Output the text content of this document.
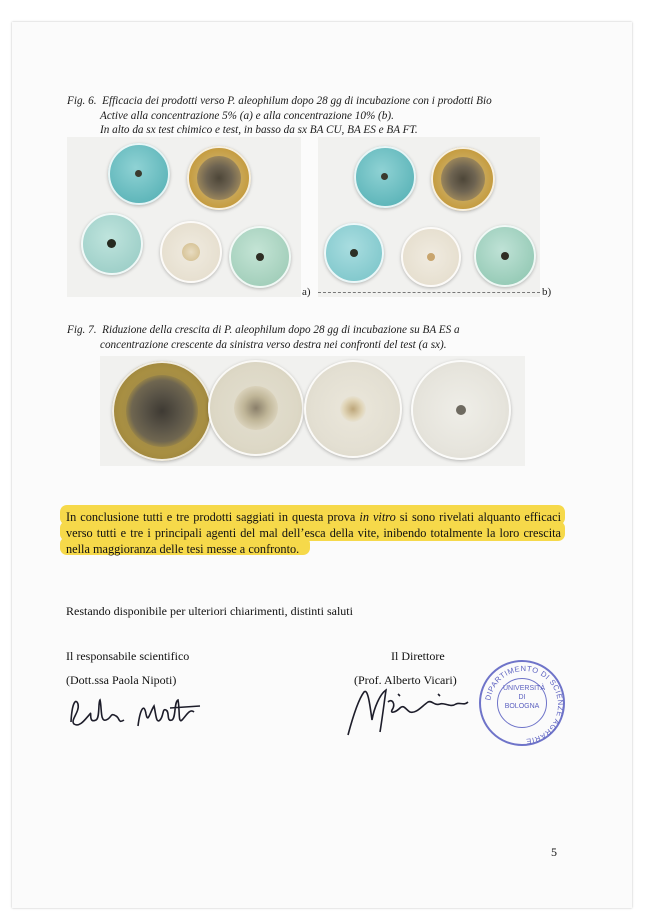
Fig. 6. Efficacia dei prodotti verso P. aleophilum dopo 28 gg di incubazione con i prodotti Bio
Active alla concentrazione 5% (a) e alla concentrazione 10% (b).
In alto da sx test chimico e test, in basso da sx BA CU, BA ES e BA FT.
a)	b)
Fig. 7. Riduzione della crescita di P. aleophilum dopo 28 gg di incubazione su BA ES a
concentrazione crescente da sinistra verso destra nei confronti del test (a sx).
In conclusione tutti e tre prodotti saggiati in questa prova in vitro si sono rivelati alquanto efficaci verso tutti e tre i principali agenti del mal dell’esca della vite, inibendo totalmente la loro crescita nella maggioranza delle tesi messe a confronto.
Restando disponibile per ulteriori chiarimenti, distinti saluti
Il responsabile scientifico
(Dott.ssa Paola Nipoti)
Il Direttore
(Prof. Alberto Vicari)
DIPARTIMENTO DI SCIENZE AGRARIE
UNIVERSITÀ DI BOLOGNA
5
